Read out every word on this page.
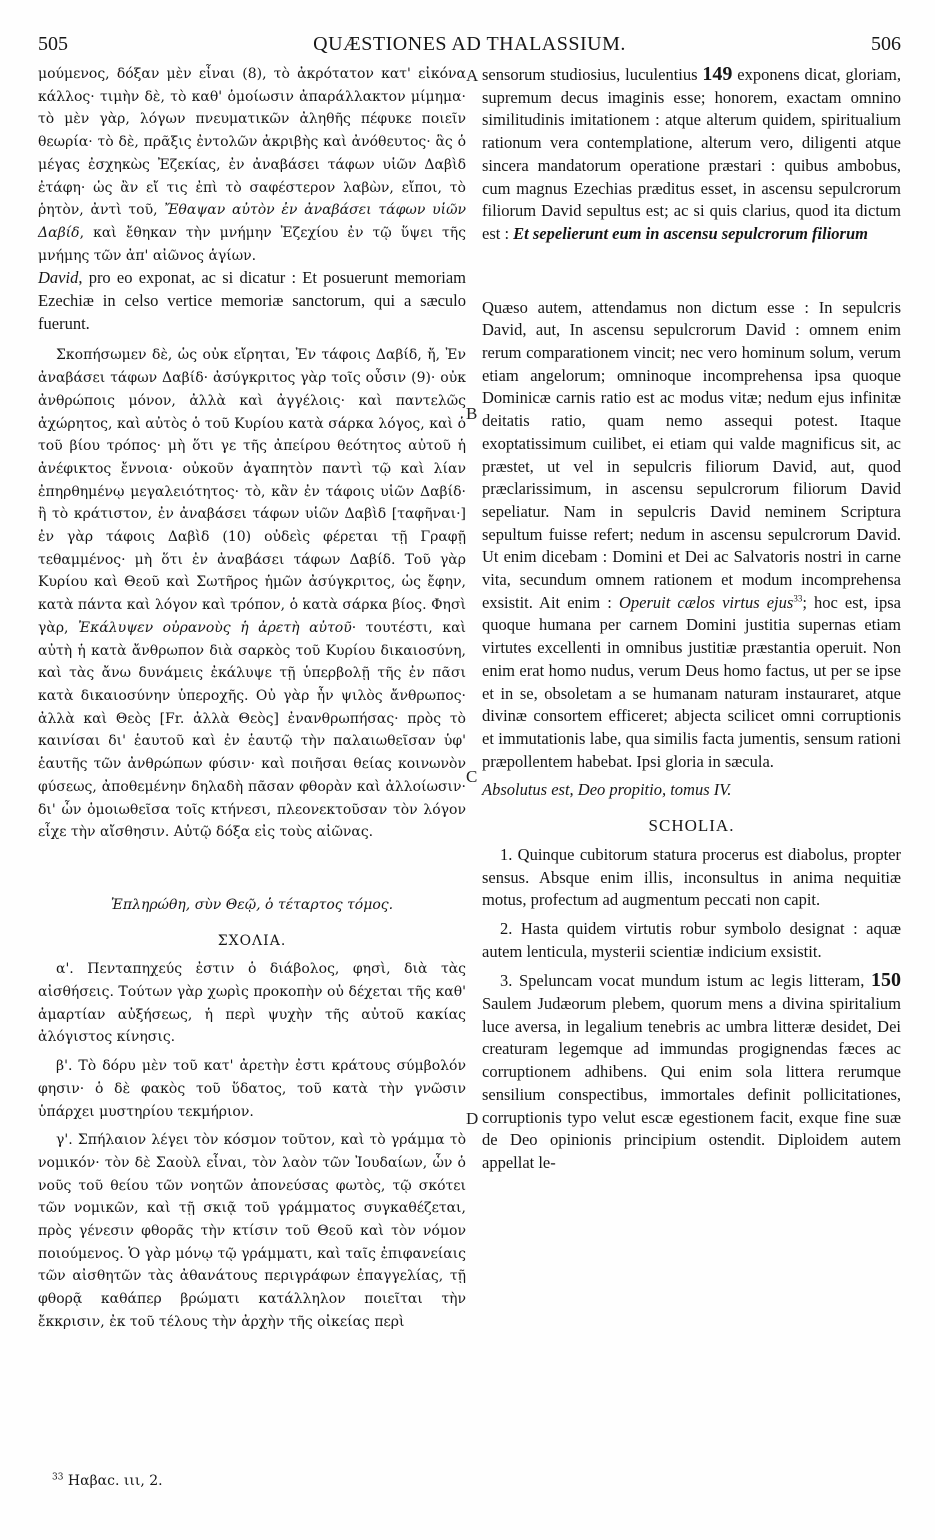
505	QUÆSTIONES AD THALASSIUM.	506

μούμενος, δόξαν μὲν εἶναι (8), τὸ ἀκρότατον κατ' εἰκόνα κάλλος· τιμὴν δὲ, τὸ καθ' ὁμοίωσιν ἀπαράλλακτον μίμημα· τὸ μὲν γὰρ, λόγων πνευματικῶν ἀληθῆς πέφυκε ποιεῖν θεωρία· τὸ δὲ, πρᾶξις ἐντολῶν ἀκριβὴς καὶ ἀνόθευτος· ἃς ὁ μέγας ἐσχηκὼς Ἐζεκίας, ἐν ἀναβάσει τάφων υἱῶν Δαβὶδ ἐτάφη· ὡς ἂν εἴ τις ἐπὶ τὸ σαφέστερον λαβὼν, εἴποι, τὸ ῥητὸν, ἀντὶ τοῦ, Ἔθαψαν αὐτὸν ἐν ἀναβάσει τάφων υἱῶν Δαβίδ, καὶ ἔθηκαν τὴν μνήμην Ἐζεχίου ἐν τῷ ὕψει τῆς μνήμης τῶν ἀπ' αἰῶνος ἁγίων.

David, pro eo exponat, ac si dicatur : Et posuerunt memoriam Ezechiæ in celso vertice memoriæ sanctorum, qui a sæculo fuerunt.

Σκοπήσωμεν δὲ, ὡς οὐκ εἴρηται, Ἐν τάφοις Δαβίδ, ἤ, Ἐν ἀναβάσει τάφων Δαβίδ· ἀσύγκριτος γὰρ τοῖς οὖσιν (9)· οὐκ ἀνθρώποις μόνον, ἀλλὰ καὶ ἀγγέλοις· καὶ παντελῶς ἀχώρητος, καὶ αὐτὸς ὁ τοῦ Κυρίου κατὰ σάρκα λόγος, καὶ ὁ τοῦ βίου τρόπος· μὴ ὅτι γε τῆς ἀπείρου θεότητος αὐτοῦ ἡ ἀνέφικτος ἔννοια· οὐκοῦν ἀγαπητὸν παντὶ τῷ καὶ λίαν ἐπηρθημένῳ μεγαλειότητος· τὸ, κἂν ἐν τάφοις υἱῶν Δαβίδ· ἢ τὸ κράτιστον, ἐν ἀναβάσει τάφων υἱῶν Δαβὶδ [ταφῆναι·] ἐν γὰρ τάφοις Δαβὶδ (10) οὐδεὶς φέρεται τῇ Γραφῇ τεθαμμένος· μὴ ὅτι ἐν ἀναβάσει τάφων Δαβίδ. Τοῦ γὰρ Κυρίου καὶ Θεοῦ καὶ Σωτῆρος ἡμῶν ἀσύγκριτος, ὡς ἔφην, κατὰ πάντα καὶ λόγον καὶ τρόπον, ὁ κατὰ σάρκα βίος. Φησὶ γὰρ, Ἐκάλυψεν οὐρανοὺς ἡ ἀρετὴ αὐτοῦ· τουτέστι, καὶ αὐτὴ ἡ κατὰ ἄνθρωπον διὰ σαρκὸς τοῦ Κυρίου δικαιοσύνη, καὶ τὰς ἄνω δυνάμεις ἐκάλυψε τῇ ὑπερβολῇ τῆς ἐν πᾶσι κατὰ δικαιοσύνην ὑπεροχῆς. Οὐ γὰρ ἦν ψιλὸς ἄνθρωπος· ἀλλὰ καὶ Θεὸς [Fr. ἀλλὰ Θεὸς] ἐνανθρωπήσας· πρὸς τὸ καινίσαι δι' ἑαυτοῦ καὶ ἐν ἑαυτῷ τὴν παλαιωθεῖσαν ὑφ' ἑαυτῆς τῶν ἀνθρώπων φύσιν· καὶ ποιῆσαι θείας κοινωνὸν φύσεως, ἀποθεμένην δηλαδὴ πᾶσαν φθορὰν καὶ ἀλλοίωσιν· δι' ὧν ὁμοιωθεῖσα τοῖς κτήνεσι, πλεονεκτοῦσαν τὸν λόγον εἶχε τὴν αἴσθησιν. Αὐτῷ δόξα εἰς τοὺς αἰῶνας.

Ἐπληρώθη, σὺν Θεῷ, ὁ τέταρτος τόμος.

ΣΧΟΛΙΑ.

α'. Πενταπηχεύς ἐστιν ὁ διάβολος, φησὶ, διὰ τὰς αἰσθήσεις. Τούτων γὰρ χωρὶς προκοπὴν οὐ δέχεται τῆς καθ' ἁμαρτίαν αὐξήσεως, ἡ περὶ ψυχὴν τῆς αὐτοῦ κακίας ἀλόγιστος κίνησις.

β'. Τὸ δόρυ μὲν τοῦ κατ' ἀρετὴν ἐστι κράτους σύμβολόν φησιν· ὁ δὲ φακὸς τοῦ ὕδατος, τοῦ κατὰ τὴν γνῶσιν ὑπάρχει μυστηρίου τεκμήριον.

γ'. Σπήλαιον λέγει τὸν κόσμον τοῦτον, καὶ τὸ γράμμα τὸ νομικόν· τὸν δὲ Σαοὺλ εἶναι, τὸν λαὸν τῶν Ἰουδαίων, ὧν ὁ νοῦς τοῦ θείου τῶν νοητῶν ἀπονεύσας φωτὸς, τῷ σκότει τῶν νομικῶν, καὶ τῇ σκιᾷ τοῦ γράμματος συγκαθέζεται, πρὸς γένεσιν φθορᾶς τὴν κτίσιν τοῦ Θεοῦ καὶ τὸν νόμον ποιούμενος. Ὁ γὰρ μόνῳ τῷ γράμματι, καὶ ταῖς ἐπιφανείαις τῶν αἰσθητῶν τὰς ἀθανάτους περιγράφων ἐπαγγελίας, τῇ φθορᾷ καθάπερ βρώματι κατάλληλον ποιεῖται τὴν ἔκκρισιν, ἐκ τοῦ τέλους τὴν ἀρχὴν τῆς οἰκείας περὶ

sensorum studiosius, luculentius 149 exponens dicat, gloriam, supremum decus imaginis esse; honorem, exactam omnino similitudinis imitationem : atque alterum quidem, spiritualium rationum vera contemplatione, alterum vero, diligenti atque sincera mandatorum operatione præstari : quibus ambobus, cum magnus Ezechias præditus esset, in ascensu sepulcrorum filiorum David sepultus est; ac si quis clarius, quod ita dictum est : Et sepelierunt eum in ascensu sepulcrorum filiorum

Quæso autem, attendamus non dictum esse : In sepulcris David, aut, In ascensu sepulcrorum David : omnem enim rerum comparationem vincit; nec vero hominum solum, verum etiam angelorum; omninoque incomprehensa ipsa quoque Dominicæ carnis ratio est ac modus vitæ; nedum ejus infinitæ deitatis ratio, quam nemo assequi potest. Itaque exoptatissimum cuilibet, ei etiam qui valde magnificus sit, ac præstet, ut vel in sepulcris filiorum David, aut, quod præclarissimum, in ascensu sepulcrorum filiorum David sepeliatur. Nam in sepulcris David neminem Scriptura sepultum fuisse refert; nedum in ascensu sepulcrorum David. Ut enim dicebam : Domini et Dei ac Salvatoris nostri in carne vita, secundum omnem rationem et modum incomprehensa exsistit. Ait enim : Operuit cælos virtus ejus$^{33}$; hoc est, ipsa quoque humana per carnem Domini justitia supernas etiam virtutes excellenti in omnibus justitiæ præstantia operuit. Non enim erat homo nudus, verum Deus homo factus, ut per se ipse et in se, obsoletam a se humanam naturam instauraret, atque divinæ consortem efficeret; abjecta scilicet omni corruptionis et immutationis labe, qua similis facta jumentis, sensum rationi præpollentem habebat. Ipsi gloria in sæcula.

Absolutus est, Deo propitio, tomus IV.

SCHOLIA.

1. Quinque cubitorum statura procerus est diabolus, propter sensus. Absque enim illis, inconsultus in anima nequitiæ motus, profectum ad augmentum peccati non capit.

2. Hasta quidem virtutis robur symbolo designat : aquæ autem lenticula, mysterii scientiæ indicium exsistit.

3. Speluncam vocat mundum istum ac legis litteram, 150 Saulem Judæorum plebem, quorum mens a divina spiritalium luce aversa, in legalium tenebris ac umbra litteræ desidet, Dei creaturam legemque ad immundas progignendas fæces ac corruptionem adhibens. Qui enim sola littera rerumque sensilium conspectibus, immortales definit pollicitationes, corruptionis typo velut escæ egestionem facit, exque fine suæ de Deo opinionis principium ostendit. Diploidem autem appellat le-

A
B
C
D
$^{33}$ Ηαβαc. ιιι, 2.
